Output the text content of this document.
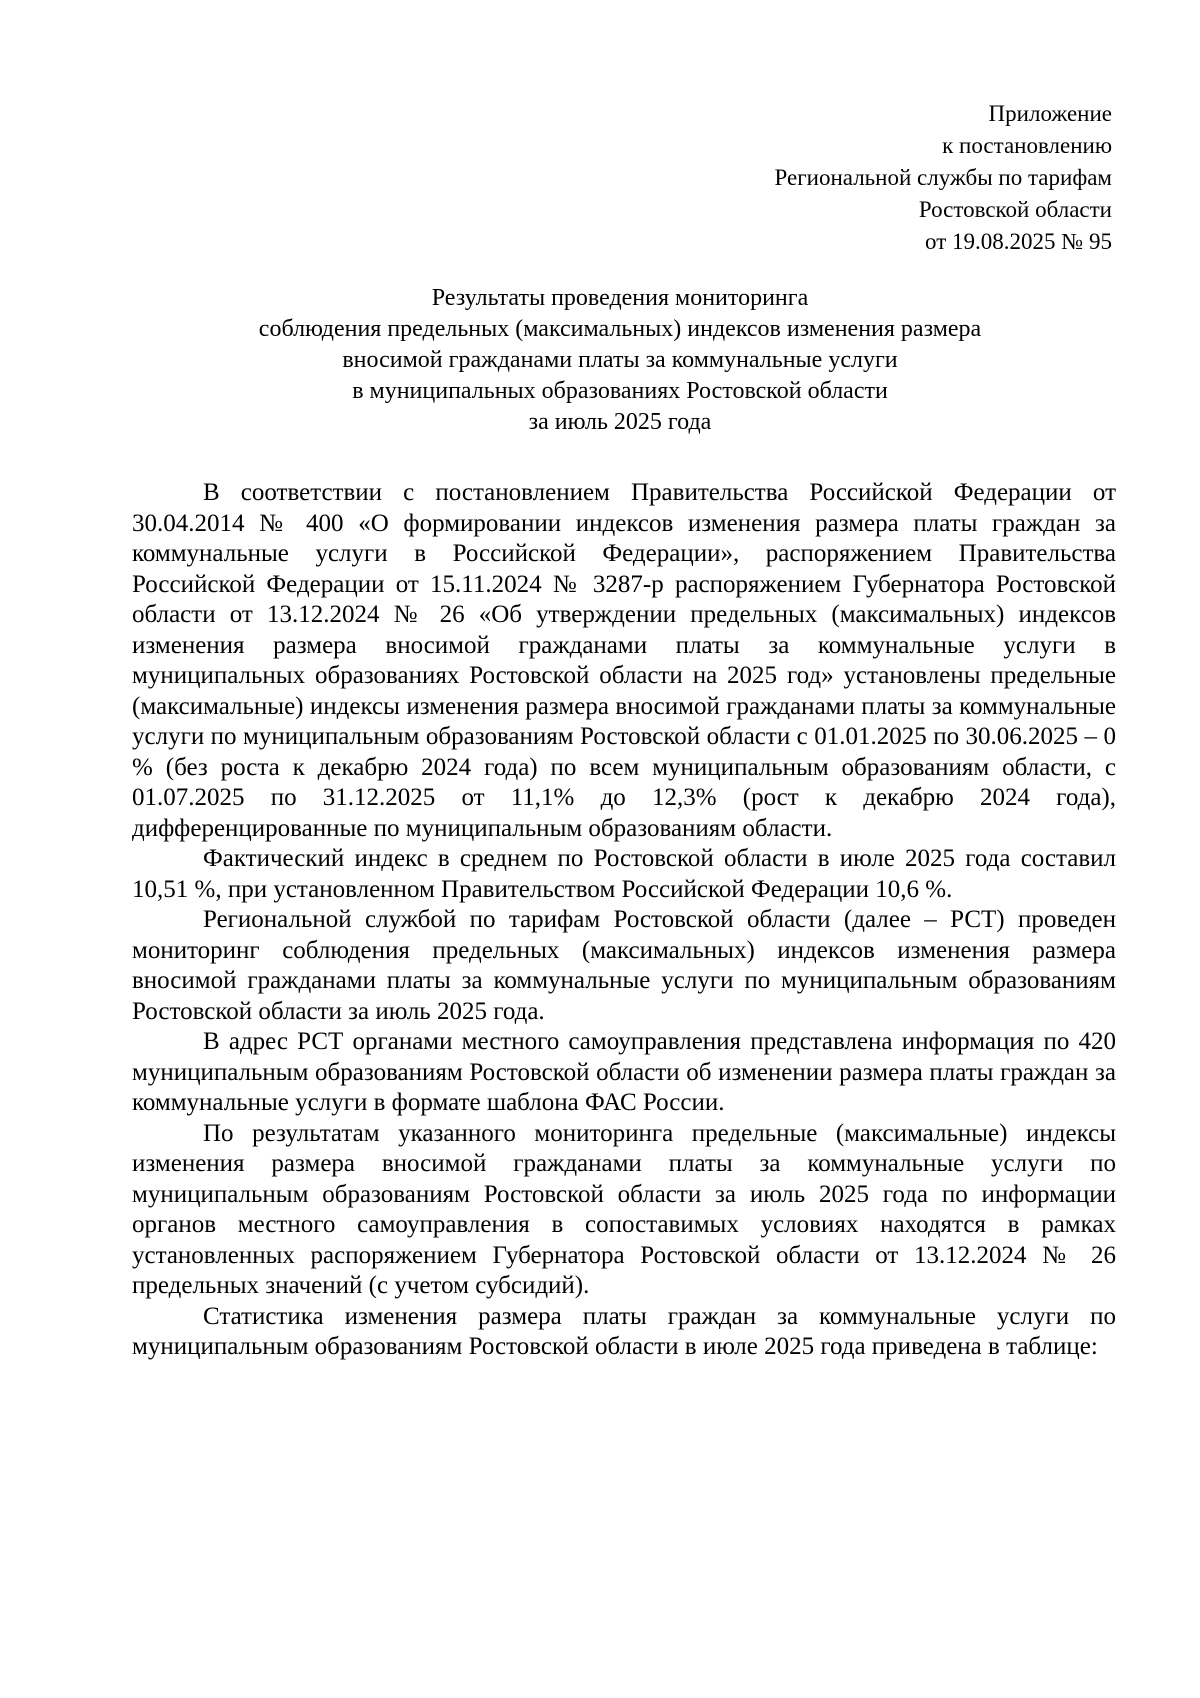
Приложение
к постановлению
Региональной службы по тарифам
Ростовской области
от 19.08.2025 № 95
Результаты проведения мониторинга
соблюдения предельных (максимальных) индексов изменения размера
вносимой гражданами платы за коммунальные услуги
в муниципальных образованиях Ростовской области
за июль 2025 года

В соответствии с постановлением Правительства Российской Федерации от 30.04.2014 № 400 «О формировании индексов изменения размера платы граждан за коммунальные услуги в Российской Федерации», распоряжением Правительства Российской Федерации от 15.11.2024 № 3287-р распоряжением Губернатора Ростовской области от 13.12.2024 № 26 «Об утверждении предельных (максимальных) индексов изменения размера вносимой гражданами платы за коммунальные услуги в муниципальных образованиях Ростовской области на 2025 год» установлены предельные (максимальные) индексы изменения размера вносимой гражданами платы за коммунальные услуги по муниципальным образованиям Ростовской области с 01.01.2025 по 30.06.2025 – 0 % (без роста к декабрю 2024 года) по всем муниципальным образованиям области, с 01.07.2025 по 31.12.2025 от 11,1% до 12,3% (рост к декабрю 2024 года), дифференцированные по муниципальным образованиям области.

Фактический индекс в среднем по Ростовской области в июле 2025 года составил 10,51 %, при установленном Правительством Российской Федерации 10,6 %.

Региональной службой по тарифам Ростовской области (далее – РСТ) проведен мониторинг соблюдения предельных (максимальных) индексов изменения размера вносимой гражданами платы за коммунальные услуги по муниципальным образованиям Ростовской области за июль 2025 года.

В адрес РСТ органами местного самоуправления представлена информация по 420 муниципальным образованиям Ростовской области об изменении размера платы граждан за коммунальные услуги в формате шаблона ФАС России.

По результатам указанного мониторинга предельные (максимальные) индексы изменения размера вносимой гражданами платы за коммунальные услуги по муниципальным образованиям Ростовской области за июль 2025 года по информации органов местного самоуправления в сопоставимых условиях находятся в рамках установленных распоряжением Губернатора Ростовской области от 13.12.2024 № 26 предельных значений (с учетом субсидий).

Статистика изменения размера платы граждан за коммунальные услуги по муниципальным образованиям Ростовской области в июле 2025 года приведена в таблице:
